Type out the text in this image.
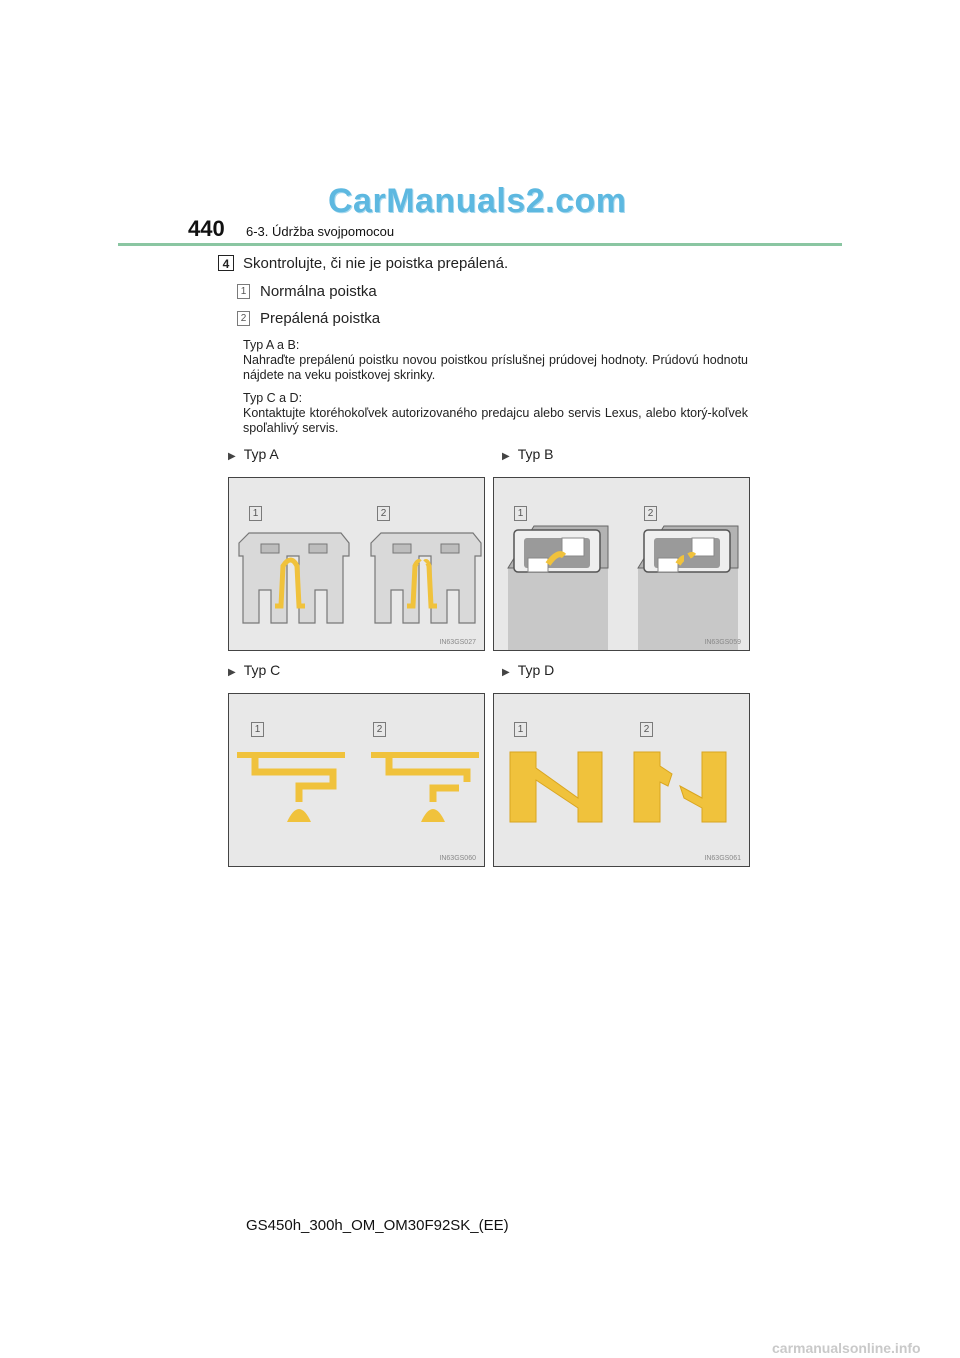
CarManuals2.com
440 6-3. Údržba svojpomocou
4 Skontrolujte, či nie je poistka prepálená.
1 Normálna poistka
2 Prepálená poistka
Typ A a B:
Nahraďte prepálenú poistku novou poistkou príslušnej prúdovej hodnoty. Prúdovú hodnotu nájdete na veku poistkovej skrinky.
Typ C a D:
Kontaktujte ktoréhokoľvek autorizovaného predajcu alebo servis Lexus, alebo ktorý-koľvek spoľahlivý servis.
▶ Typ A	▶ Typ B
▶ Typ C	▶ Typ D
1	2
IN63GS027
1	2
IN63GS059
1	2
IN63GS060
1	2
IN63GS061
GS450h_300h_OM_OM30F92SK_(EE)
carmanualsonline.info
